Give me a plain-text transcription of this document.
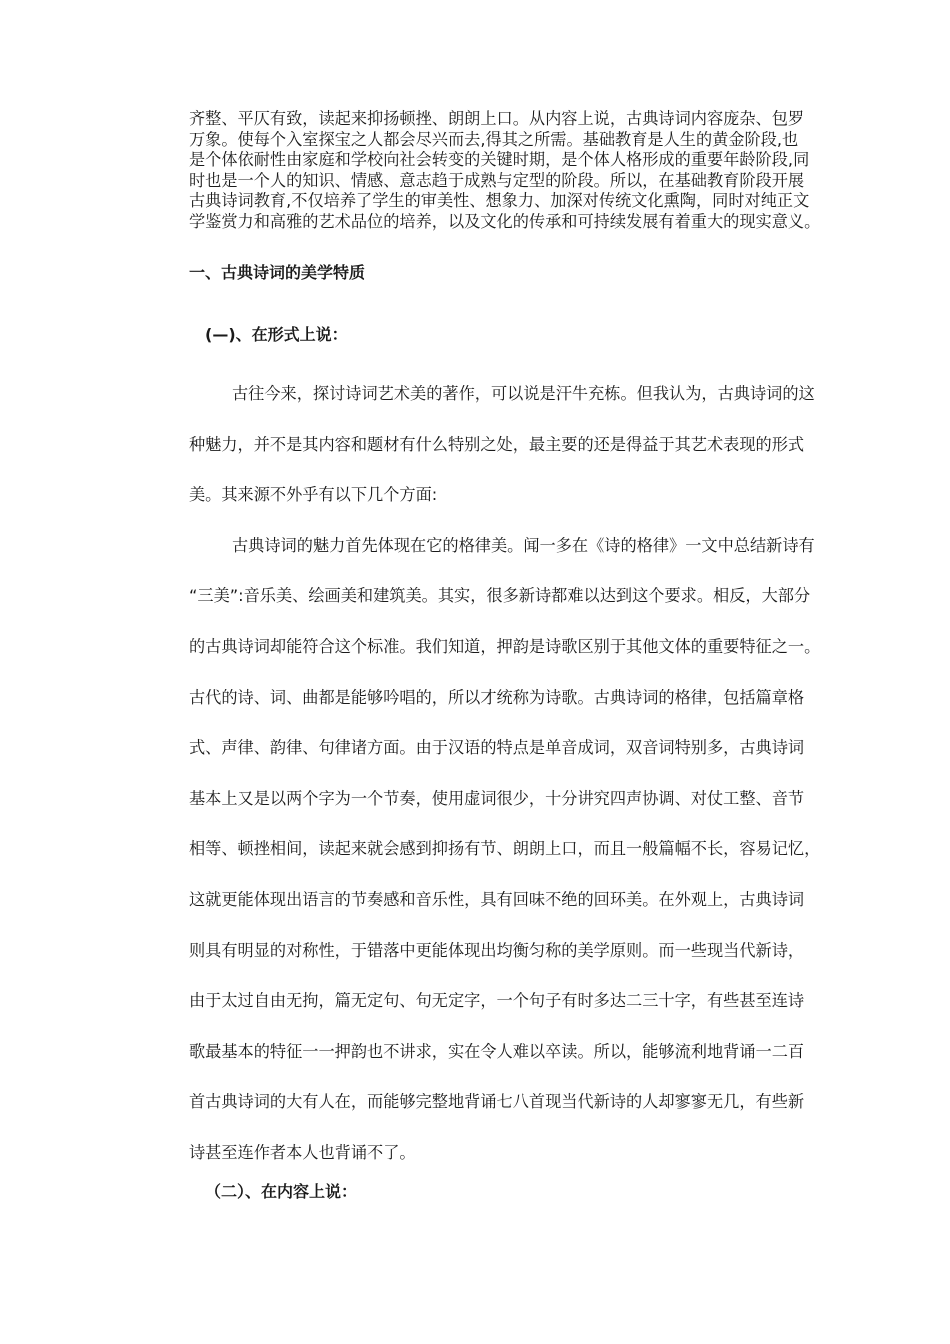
齐整、平仄有致，读起来抑扬顿挫、朗朗上口。从内容上说，古典诗词内容庞杂、包罗
万象。使每个入室探宝之人都会尽兴而去,得其之所需。基础教育是人生的黄金阶段,也
是个体依耐性由家庭和学校向社会转变的关键时期，是个体人格形成的重要年龄阶段,同
时也是一个人的知识、情感、意志趋于成熟与定型的阶段。所以，在基础教育阶段开展
古典诗词教育,不仅培养了学生的审美性、想象力、加深对传统文化熏陶，同时对纯正文
学鉴赏力和高雅的艺术品位的培养，以及文化的传承和可持续发展有着重大的现实意义。
一、古典诗词的美学特质
(—)、在形式上说：
古往今来，探讨诗词艺术美的著作，可以说是汗牛充栋。但我认为，古典诗词的这
种魅力，并不是其内容和题材有什么特别之处，最主要的还是得益于其艺术表现的形式
美。其来源不外乎有以下几个方面:
古典诗词的魅力首先体现在它的格律美。闻一多在《诗的格律》一文中总结新诗有
“三美”:音乐美、绘画美和建筑美。其实，很多新诗都难以达到这个要求。相反，大部分
的古典诗词却能符合这个标准。我们知道，押韵是诗歌区别于其他文体的重要特征之一。
古代的诗、词、曲都是能够吟唱的，所以才统称为诗歌。古典诗词的格律，包括篇章格
式、声律、韵律、句律诸方面。由于汉语的特点是单音成词，双音词特别多，古典诗词
基本上又是以两个字为一个节奏，使用虚词很少，十分讲究四声协调、对仗工整、音节
相等、顿挫相间，读起来就会感到抑扬有节、朗朗上口，而且一般篇幅不长，容易记忆，
这就更能体现出语言的节奏感和音乐性，具有回味不绝的回环美。在外观上，古典诗词
则具有明显的对称性，于错落中更能体现出均衡匀称的美学原则。而一些现当代新诗，
由于太过自由无拘，篇无定句、句无定字，一个句子有时多达二三十字，有些甚至连诗
歌最基本的特征一一押韵也不讲求，实在令人难以卒读。所以，能够流利地背诵一二百
首古典诗词的大有人在，而能够完整地背诵七八首现当代新诗的人却寥寥无几，有些新
诗甚至连作者本人也背诵不了。
（二）、在内容上说：
